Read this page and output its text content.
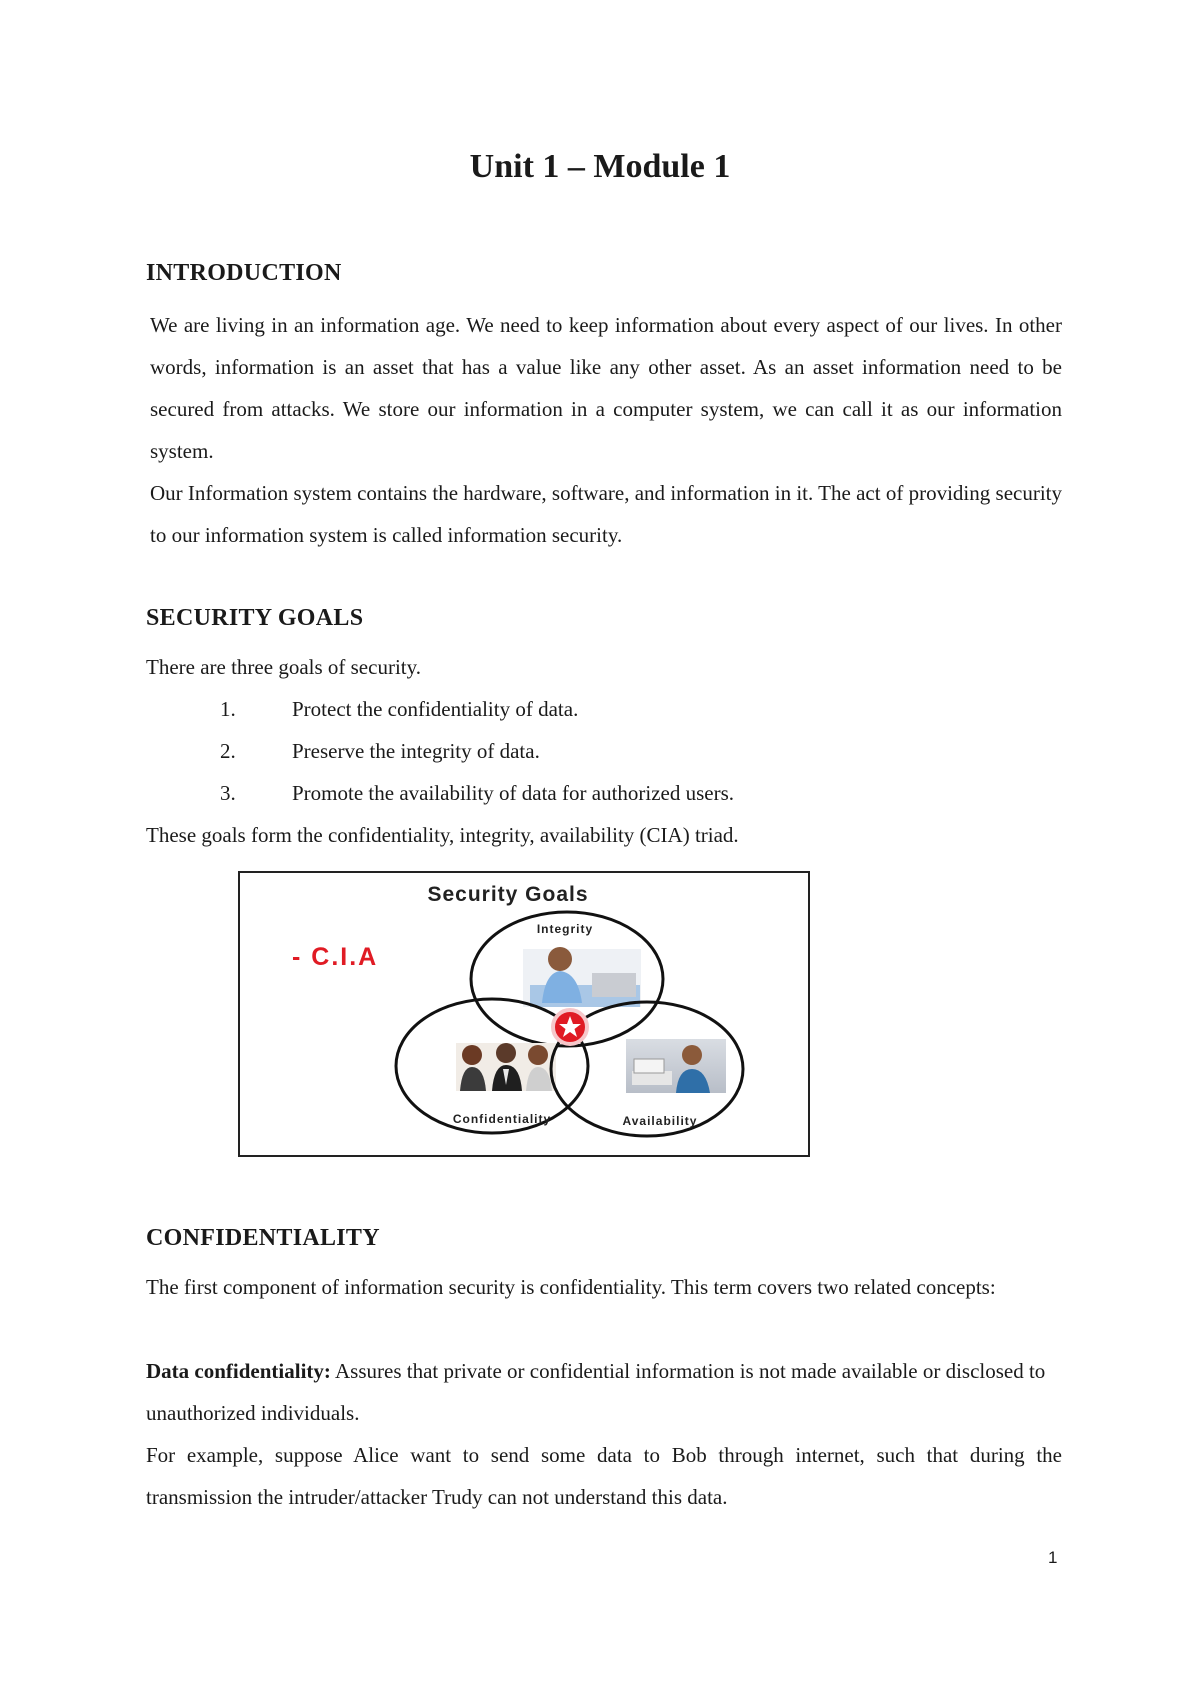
Unit 1 – Module 1
INTRODUCTION

We are living in an information age. We need to keep information about every aspect of our lives. In other words, information is an asset that has a value like any other asset. As an asset information need to be secured from attacks. We store our information in a computer system, we can call it as our information system.

Our Information system contains the hardware, software, and information in it. The act of providing security to our information system is called information security.

SECURITY GOALS

There are three goals of security.

1.	Protect the confidentiality of data.
2.	Preserve the integrity of data.
3.	Promote the availability of data for authorized users.

These goals form the confidentiality, integrity, availability (CIA) triad.

Security Goals
- C.I.A
Integrity
Confidentiality	Availability
CONFIDENTIALITY

The first component of information security is confidentiality. This term covers two related concepts:

Data confidentiality: Assures that private or confidential information is not made available or disclosed to unauthorized individuals.

For example, suppose Alice want to send some data to Bob through internet, such that during the transmission the intruder/attacker Trudy can not understand this data.

1
